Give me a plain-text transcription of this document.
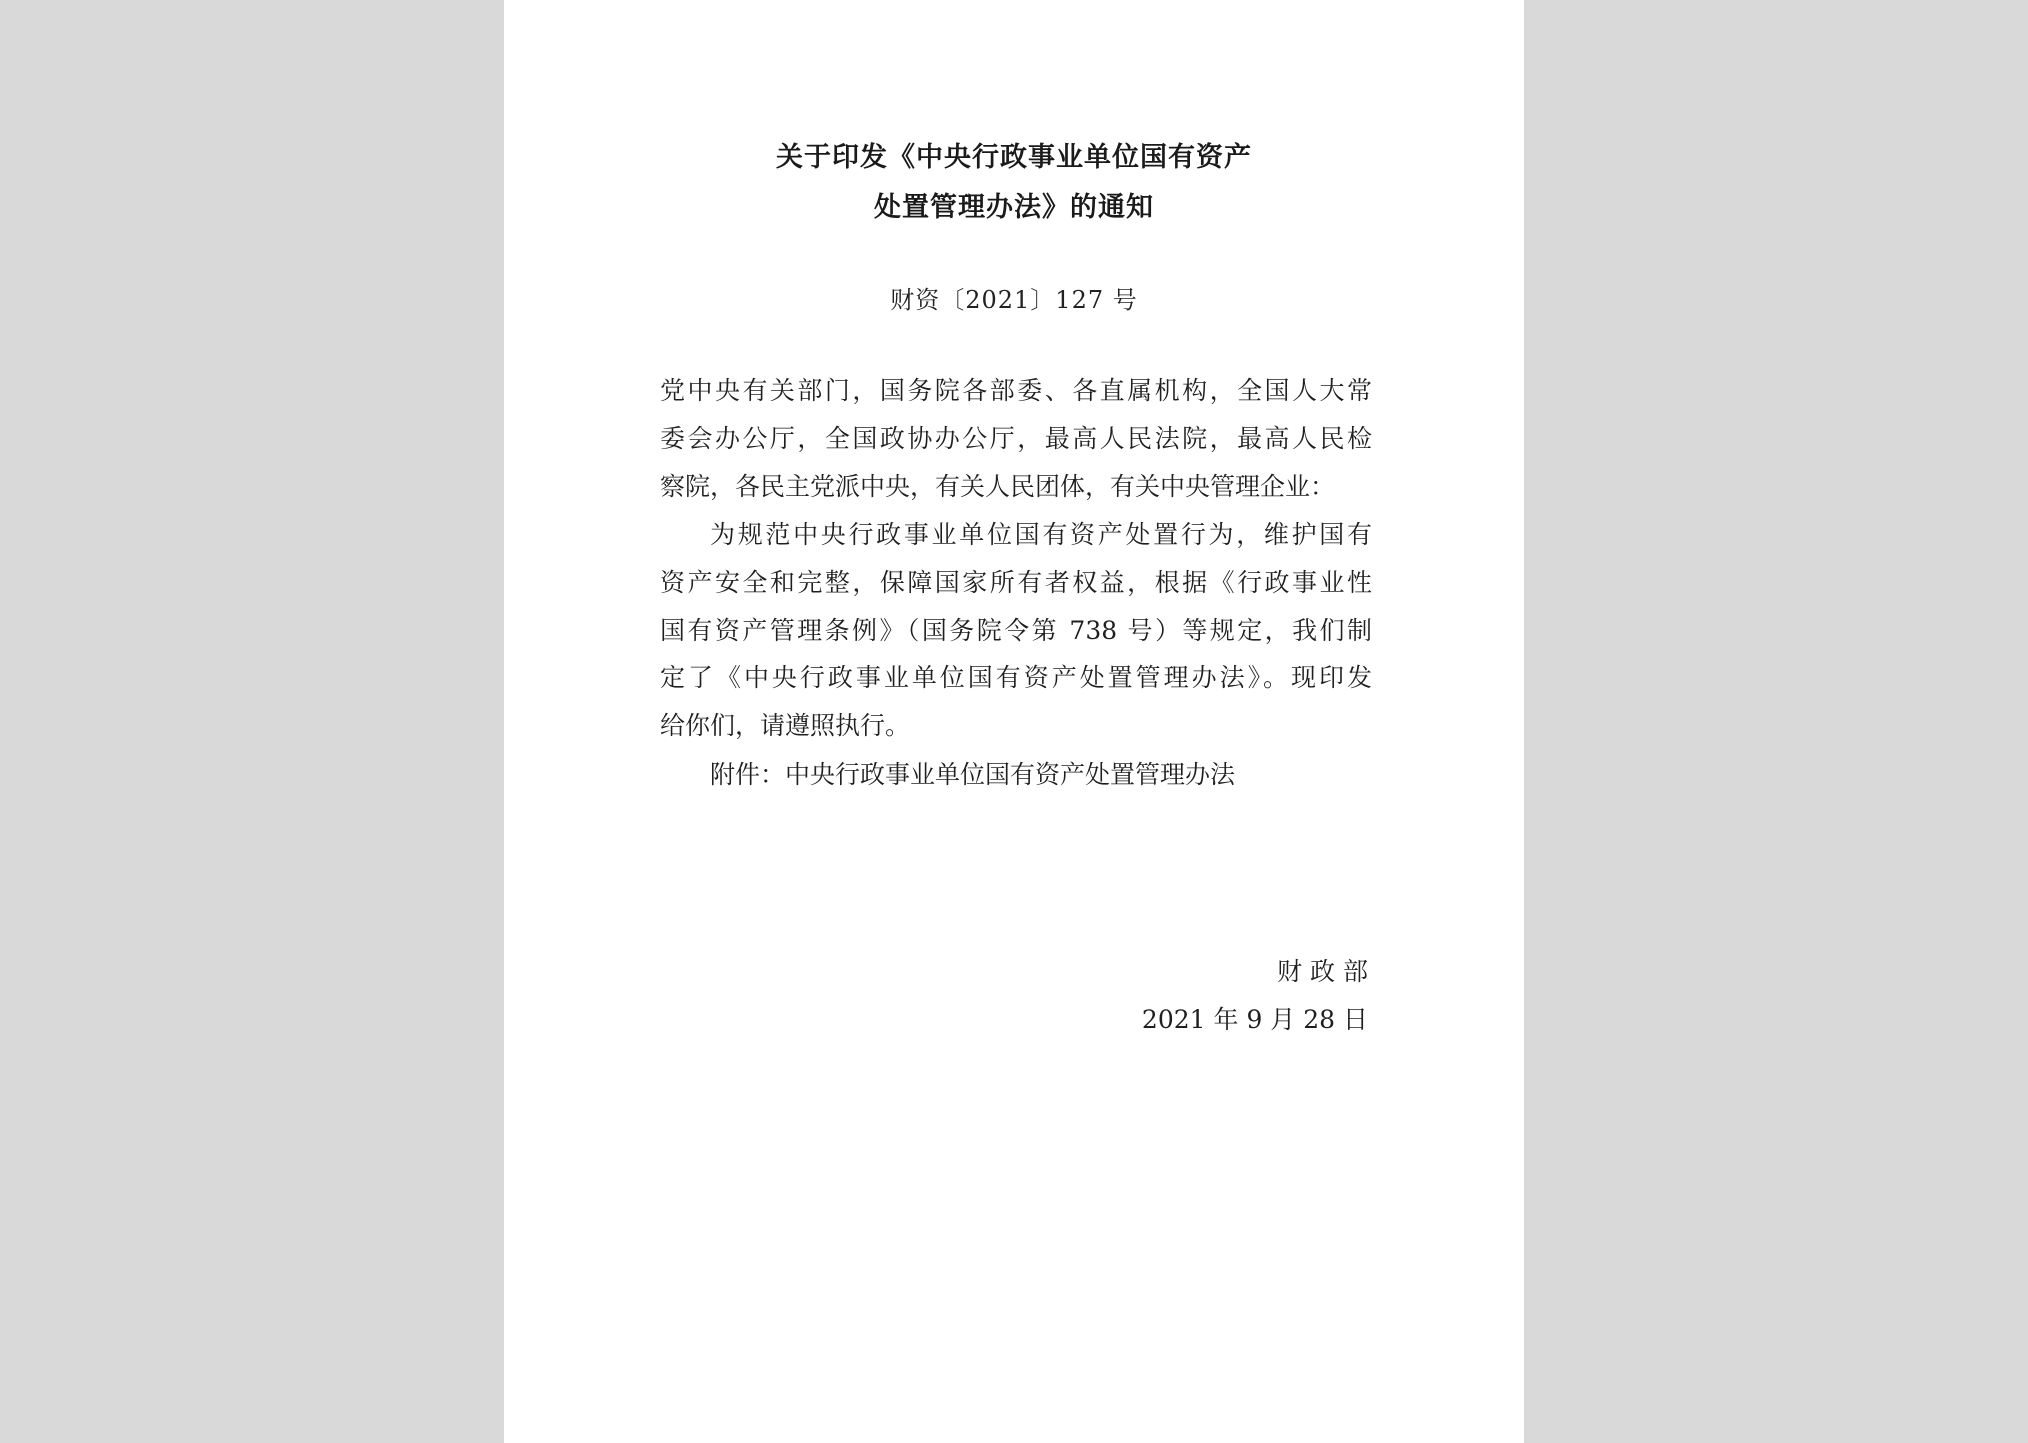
关于印发《中央行政事业单位国有资产
处置管理办法》的通知
财资〔2021〕127 号
党中央有关部门，国务院各部委、各直属机构，全国人大常
委会办公厅，全国政协办公厅，最高人民法院，最高人民检
察院，各民主党派中央，有关人民团体，有关中央管理企业：
为规范中央行政事业单位国有资产处置行为，维护国有
资产安全和完整，保障国家所有者权益，根据《行政事业性
国有资产管理条例》（国务院令第 738 号）等规定，我们制
定了《中央行政事业单位国有资产处置管理办法》。现印发
给你们，请遵照执行。
附件：中央行政事业单位国有资产处置管理办法
财 政 部
2021 年 9 月 28 日
